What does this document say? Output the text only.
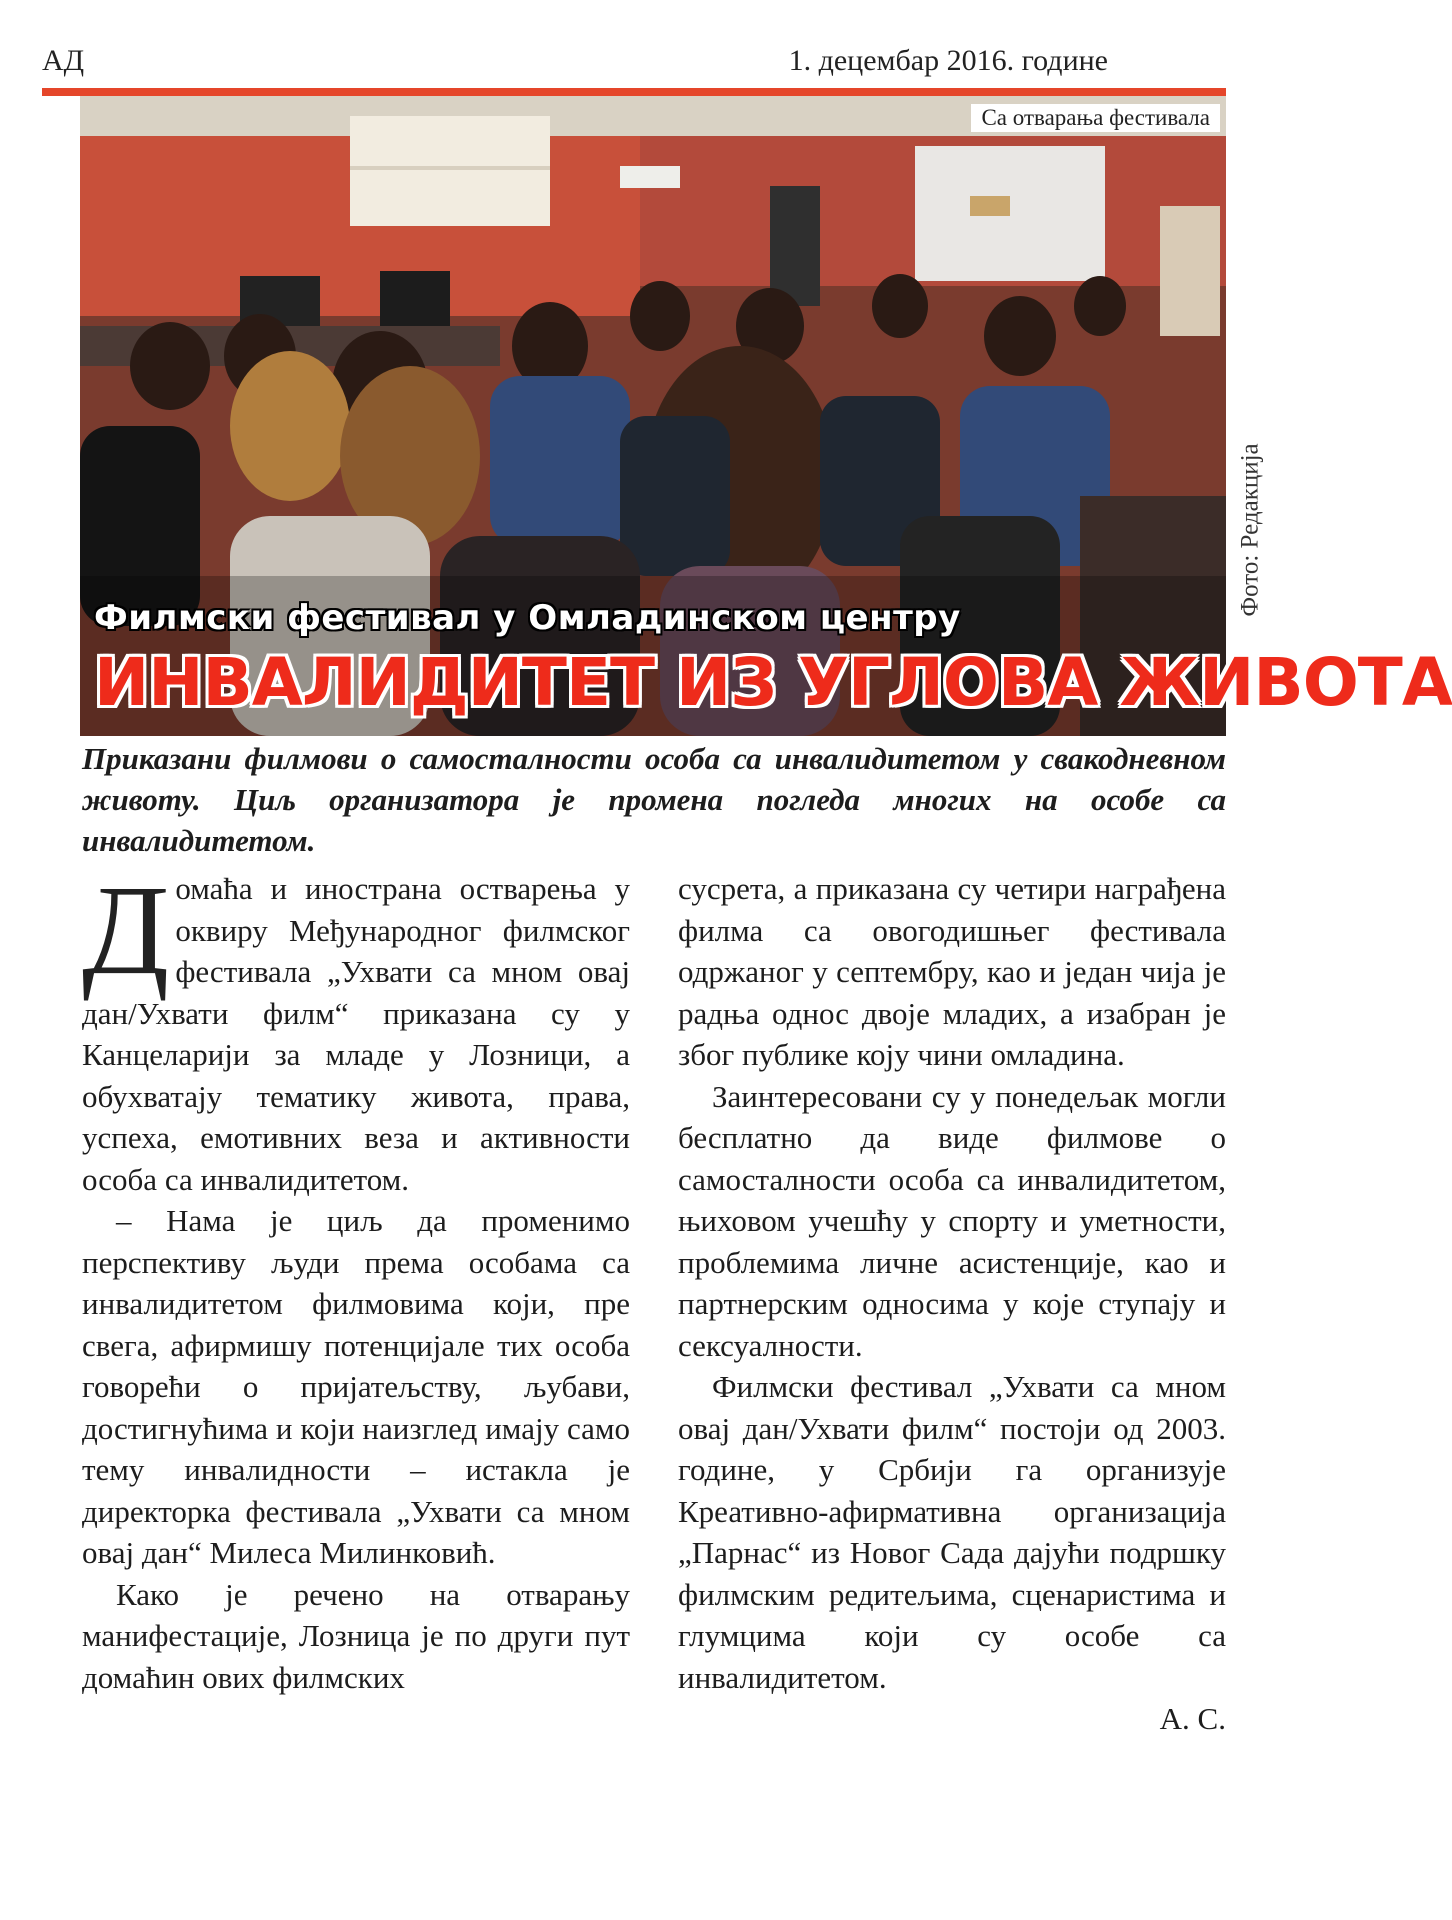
АД	1. децембар 2016. године
Са отварања фестивала
Филмски фестивал у Омладинском центру
ИНВАЛИДИТЕТ ИЗ УГЛОВА ЖИВОТА
Фото: Редакција
Приказани филмови о самосталности особа са инвалидитетом у свакодневном животу. Циљ организатора је промена погледа многих на особе са инвалидитетом.

Домаћа и инострана остварења у оквиру Међународног филмског фестивала „Ухвати са мном овај дан/Ухвати филм“ приказана су у Канцеларији за младе у Лозници, а обухватају тематику живота, права, успеха, емотивних веза и активности особа са инвалидитетом.

– Нама је циљ да променимо перспективу људи према особама са инвалидитетом филмовима који, пре свега, афирмишу потенцијале тих особа говорећи о пријатељству, љубави, достигнућима и који наизглед имају само тему инвалидности – истакла је директорка фестивала „Ухвати са мном овај дан“ Милеса Милинковић.

Како је речено на отварању манифестације, Лозница је по други пут домаћин ових филмских

сусрета, а приказана су четири награђена филма са овогодишњег фестивала одржаног у септембру, као и један чија је радња однос двоје младих, а изабран је због публике коју чини омладина.

Заинтересовани су у понедељак могли бесплатно да виде филмове о самосталности особа са инвалидитетом, њиховом учешћу у спорту и уметности, проблемима личне асистенције, као и партнерским односима у које ступају и сексуалности.

Филмски фестивал „Ухвати са мном овај дан/Ухвати филм“ постоји од 2003. године, у Србији га организује Креативно-афирмативна организација „Парнас“ из Новог Сада дајући подршку филмским редитељима, сценаристима и глумцима који су особе са инвалидитетом.

А. С.
